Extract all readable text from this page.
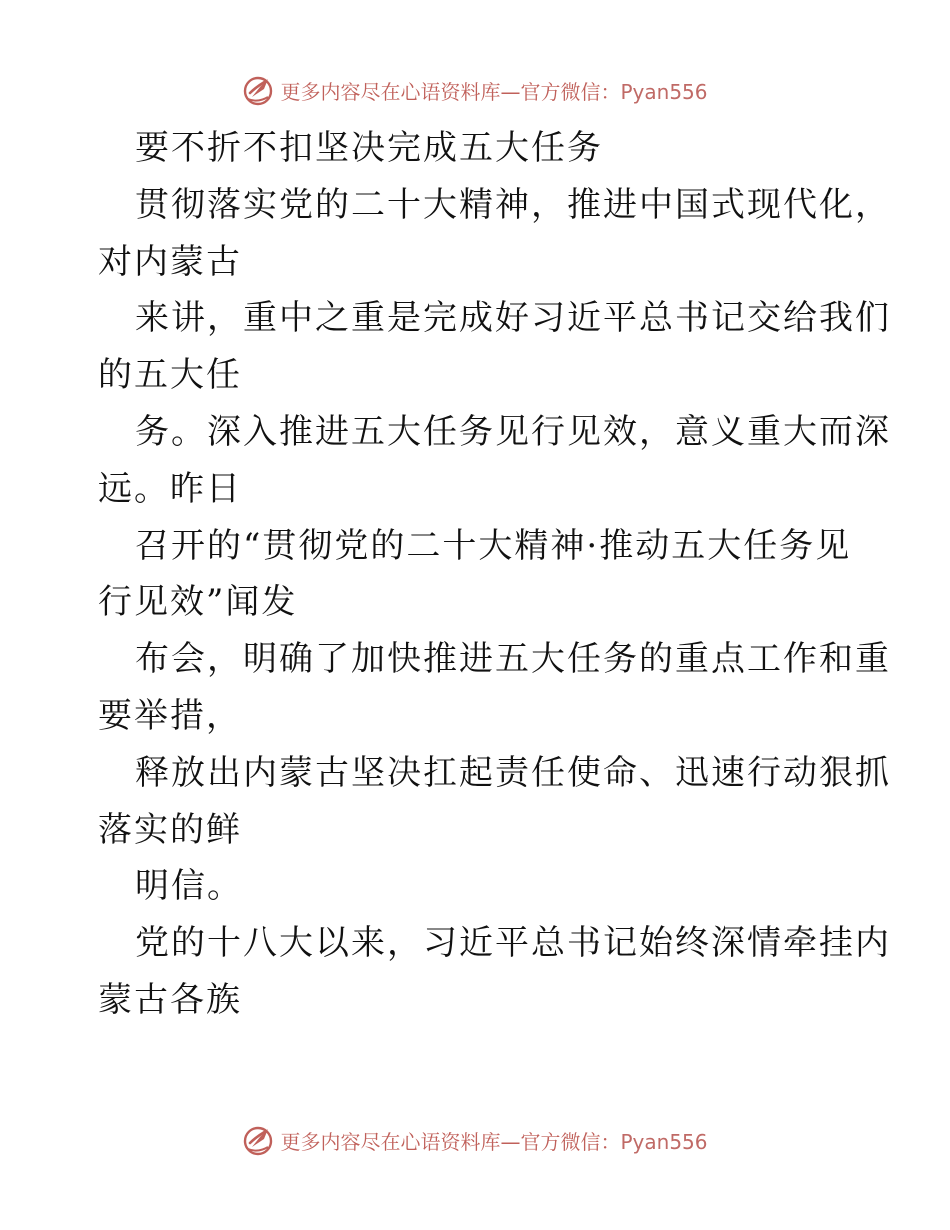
更多内容尽在心语资料库—官方微信：Pyan556
要不折不扣坚决完成五大任务
贯彻落实党的二十大精神，推进中国式现代化，
对内蒙古
来讲，重中之重是完成好习近平总书记交给我们
的五大任
务。深入推进五大任务见行见效，意义重大而深
远。昨日
召开的“贯彻党的二十大精神·推动五大任务见
行见效”闻发
布会，明确了加快推进五大任务的重点工作和重
要举措，
释放出内蒙古坚决扛起责任使命、迅速行动狠抓
落实的鲜
明信。
党的十八大以来，习近平总书记始终深情牵挂内
蒙古各族
更多内容尽在心语资料库—官方微信：Pyan556
